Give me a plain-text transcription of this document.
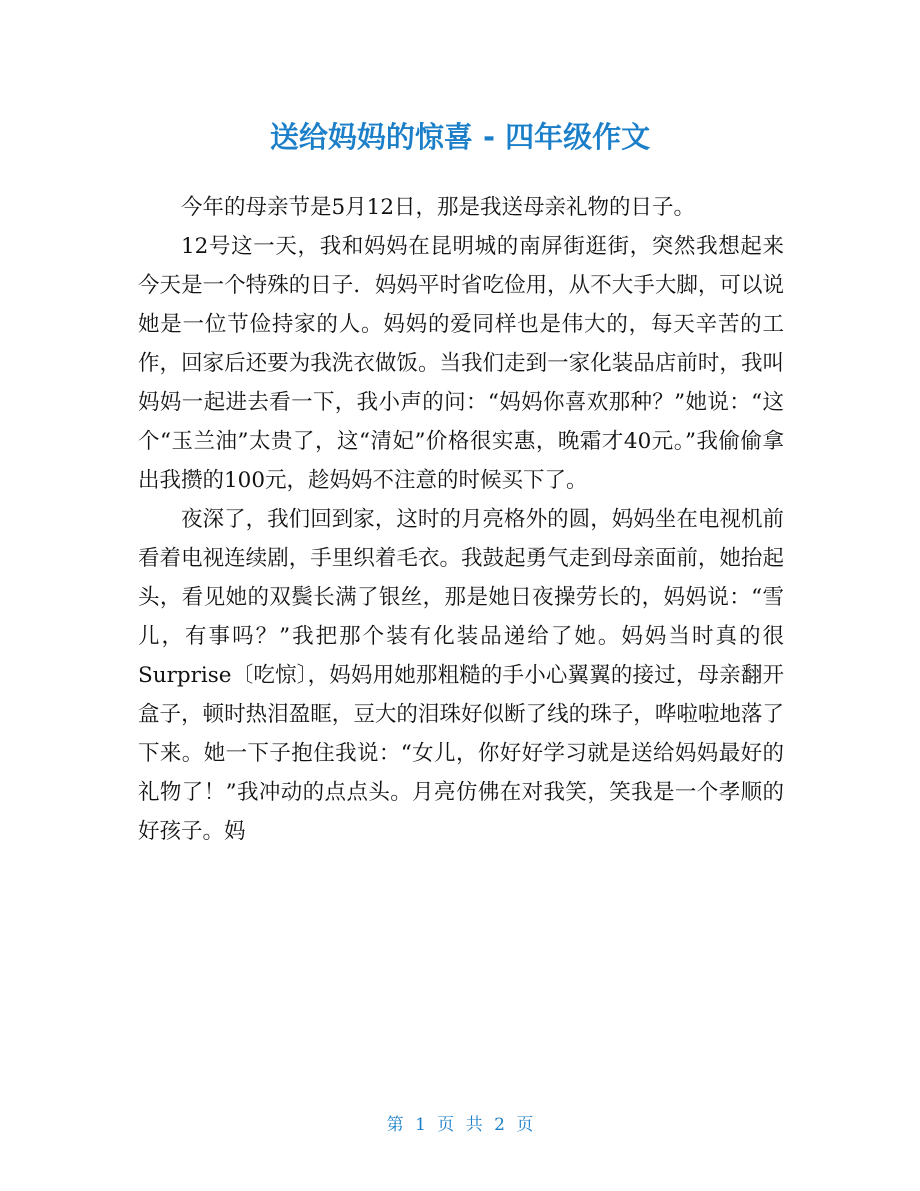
送给妈妈的惊喜 - 四年级作文

今年的母亲节是5月12日，那是我送母亲礼物的日子。

12号这一天，我和妈妈在昆明城的南屏街逛街，突然我想起来今天是一个特殊的日子．妈妈平时省吃俭用，从不大手大脚，可以说她是一位节俭持家的人。妈妈的爱同样也是伟大的，每天辛苦的工作，回家后还要为我洗衣做饭。当我们走到一家化装品店前时，我叫妈妈一起进去看一下，我小声的问：“妈妈你喜欢那种？”她说：“这个“玉兰油”太贵了，这“清妃”价格很实惠，晚霜才40元。”我偷偷拿出我攒的100元，趁妈妈不注意的时候买下了。

夜深了，我们回到家，这时的月亮格外的圆，妈妈坐在电视机前看着电视连续剧，手里织着毛衣。我鼓起勇气走到母亲面前，她抬起头，看见她的双鬓长满了银丝，那是她日夜操劳长的，妈妈说：“雪儿，有事吗？”我把那个装有化装品递给了她。妈妈当时真的很Surprise〔吃惊〕，妈妈用她那粗糙的手小心翼翼的接过，母亲翻开盒子，顿时热泪盈眶，豆大的泪珠好似断了线的珠子，哗啦啦地落了下来。她一下子抱住我说：“女儿，你好好学习就是送给妈妈最好的礼物了！”我冲动的点点头。月亮仿佛在对我笑，笑我是一个孝顺的好孩子。妈

第 1 页 共 2 页
